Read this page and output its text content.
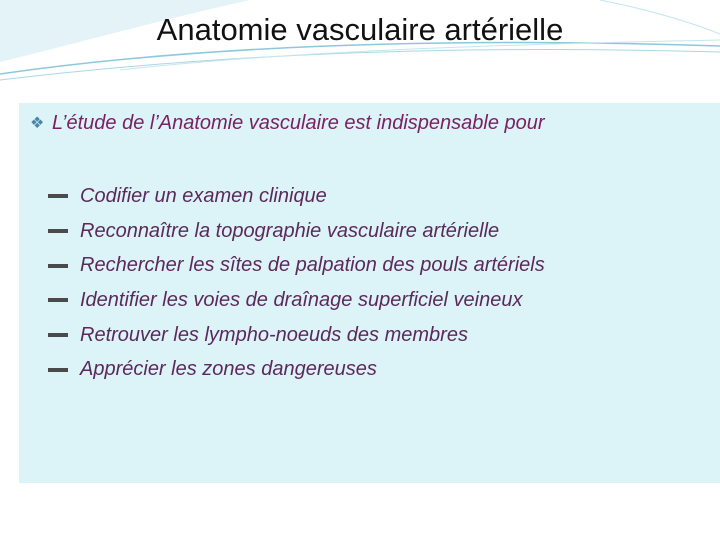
Anatomie vasculaire artérielle
❖ L’étude de l’Anatomie vasculaire est indispensable pour
Codifier un examen clinique
Reconnaître la topographie vasculaire artérielle
Rechercher les sîtes de palpation des pouls artériels
Identifier les voies de draînage superficiel veineux
Retrouver les lympho-noeuds des membres
Apprécier les zones dangereuses
